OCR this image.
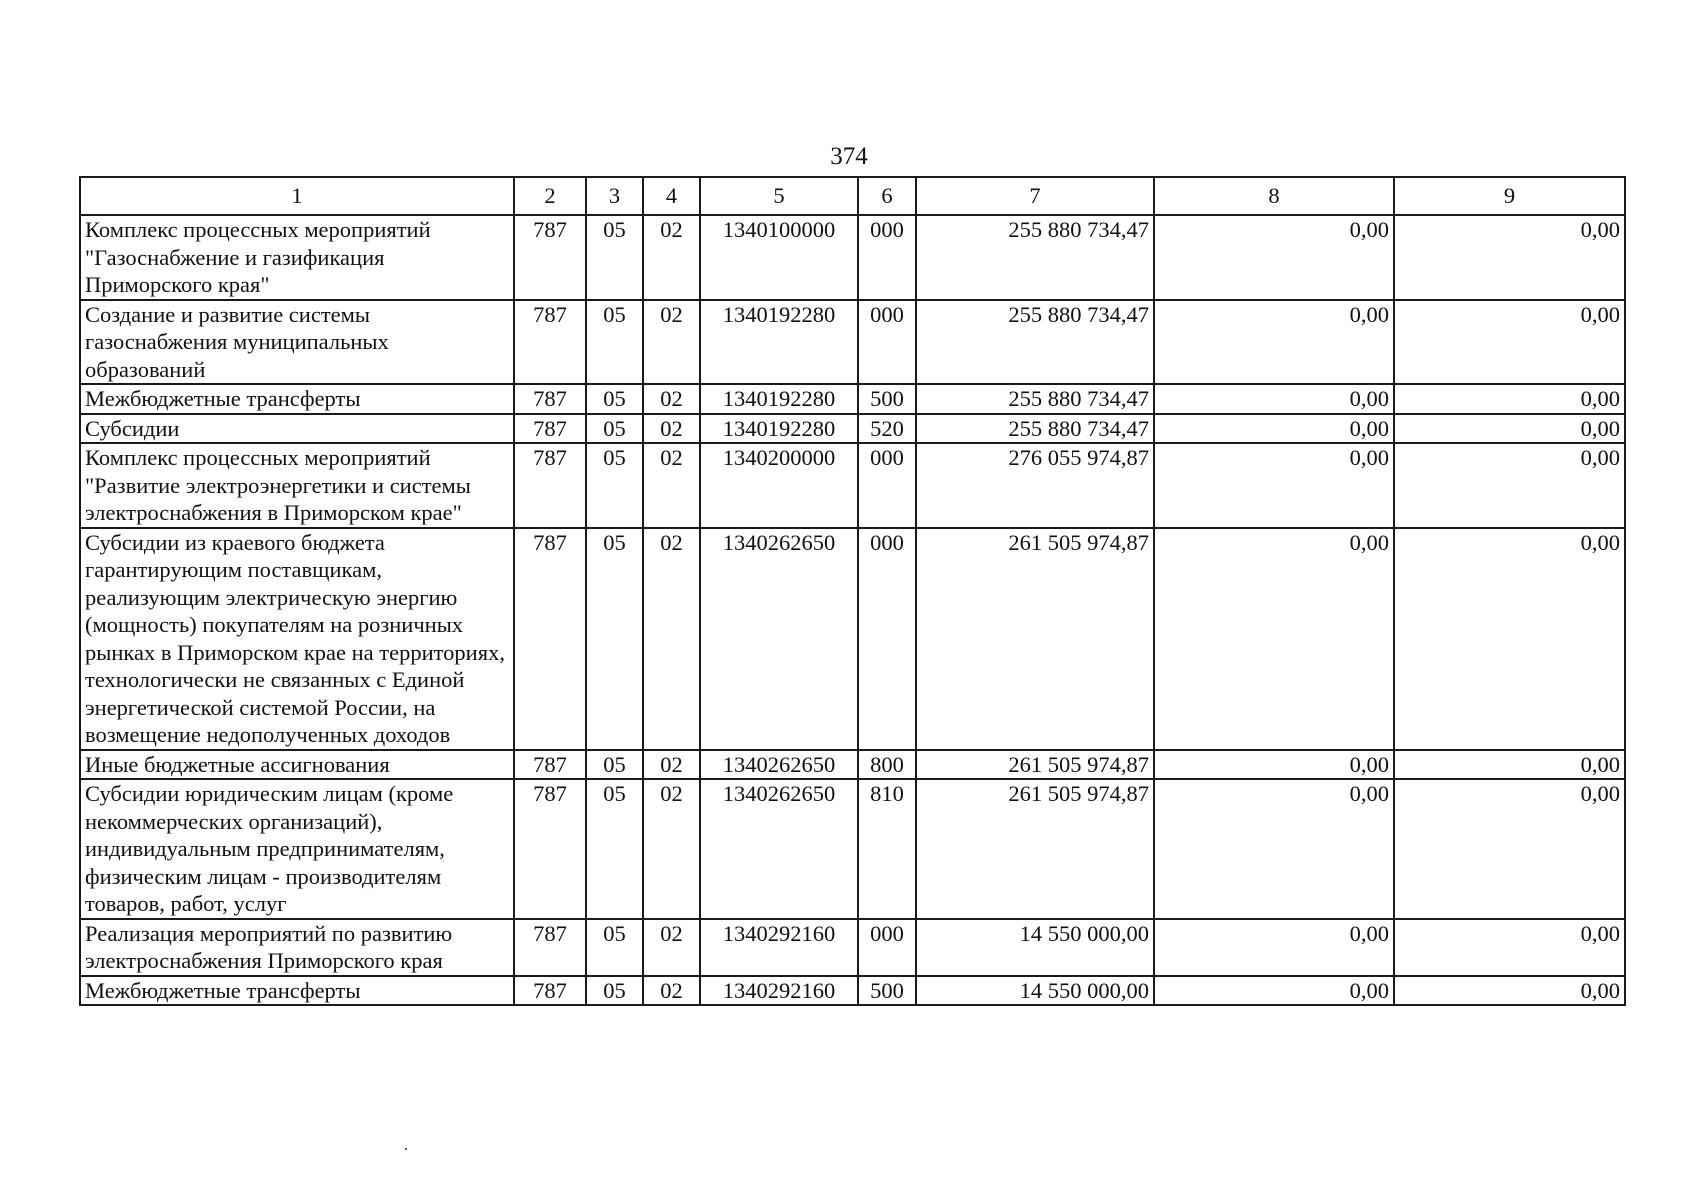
374
1	2	3	4	5	6	7	8	9
Комплекс процессных мероприятий "Газоснабжение и газификация Приморского края"	787	05	02	1340100000	000	255 880 734,47	0,00	0,00
Создание и развитие системы газоснабжения муниципальных образований	787	05	02	1340192280	000	255 880 734,47	0,00	0,00
Межбюджетные трансферты	787	05	02	1340192280	500	255 880 734,47	0,00	0,00
Субсидии	787	05	02	1340192280	520	255 880 734,47	0,00	0,00
Комплекс процессных мероприятий "Развитие электроэнергетики и системы электроснабжения в Приморском крае"	787	05	02	1340200000	000	276 055 974,87	0,00	0,00
Субсидии из краевого бюджета гарантирующим поставщикам, реализующим электрическую энергию (мощность) покупателям на розничных рынках в Приморском крае на территориях, технологически не связанных с Единой энергетической системой России, на возмещение недополученных доходов	787	05	02	1340262650	000	261 505 974,87	0,00	0,00
Иные бюджетные ассигнования	787	05	02	1340262650	800	261 505 974,87	0,00	0,00
Субсидии юридическим лицам (кроме некоммерческих организаций), индивидуальным предпринимателям, физическим лицам - производителям товаров, работ, услуг	787	05	02	1340262650	810	261 505 974,87	0,00	0,00
Реализация мероприятий по развитию электроснабжения Приморского края	787	05	02	1340292160	000	14 550 000,00	0,00	0,00
Межбюджетные трансферты	787	05	02	1340292160	500	14 550 000,00	0,00	0,00
